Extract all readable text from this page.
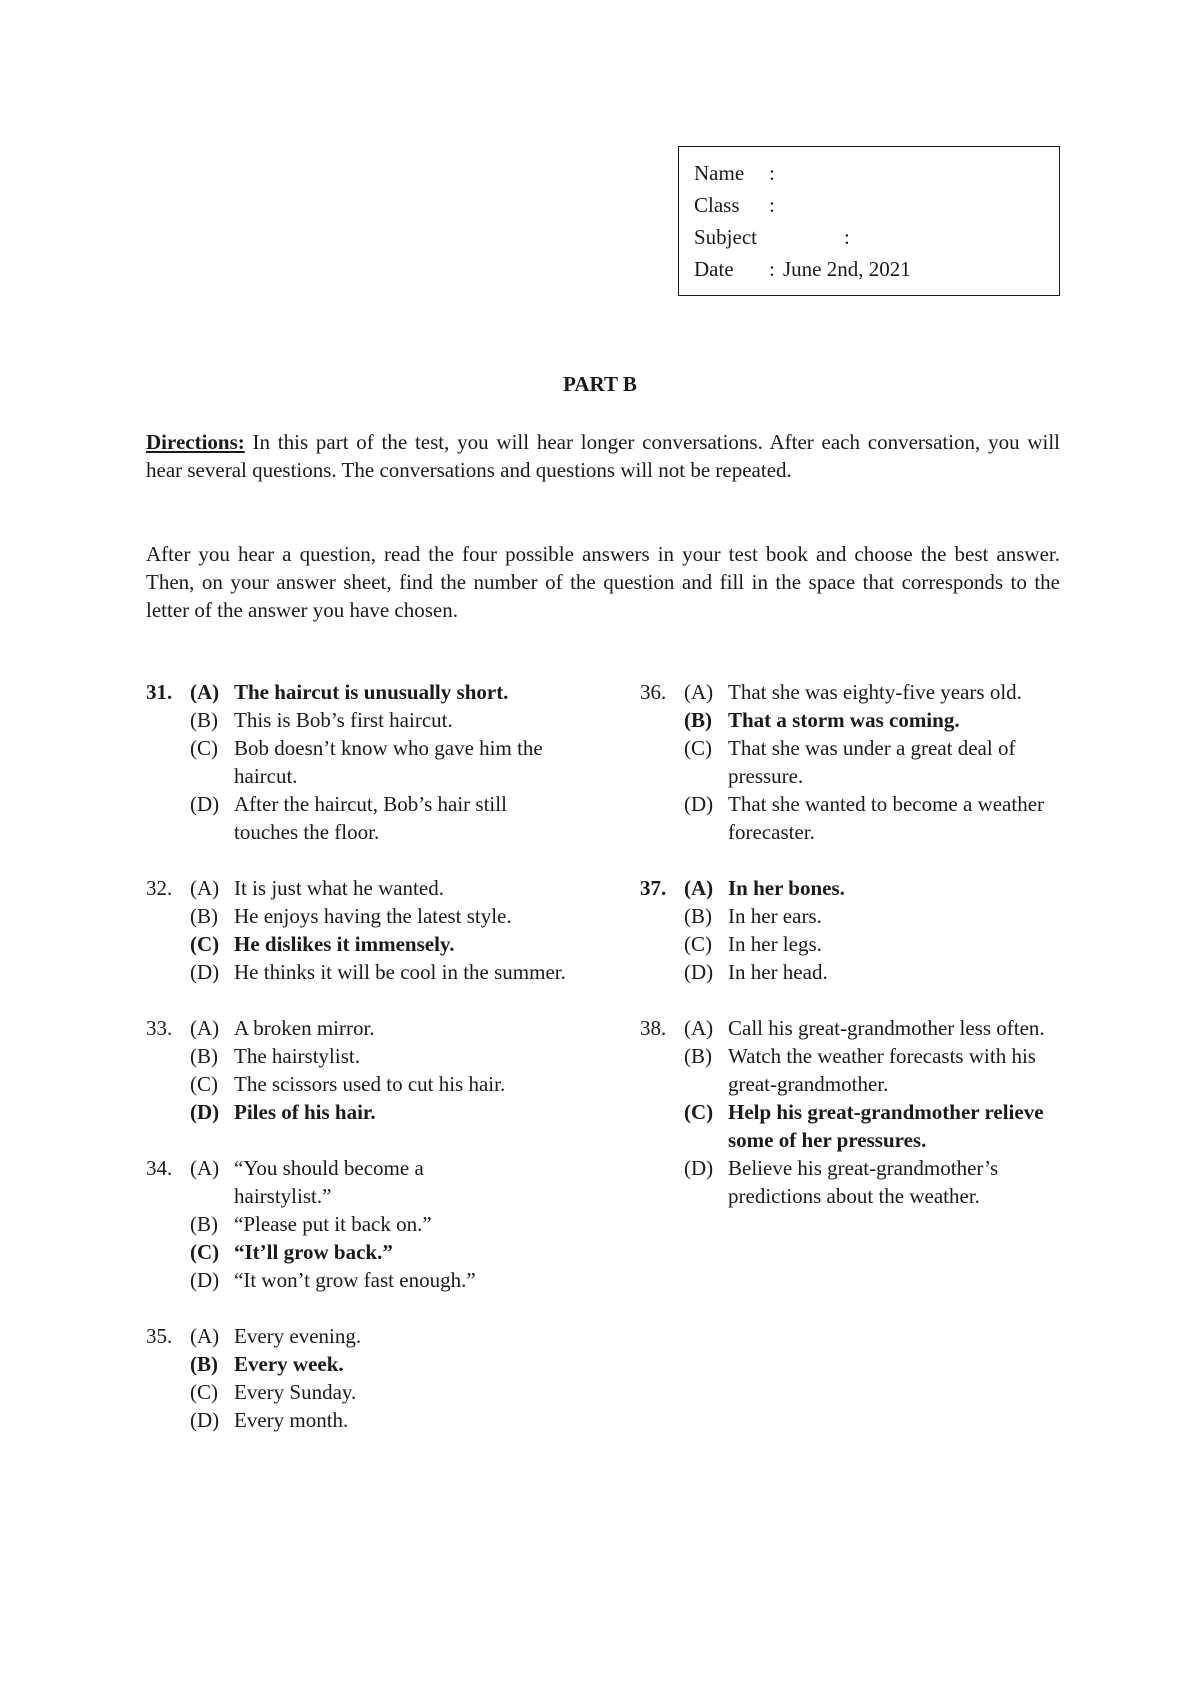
Name :
Class :
Subject	:
Date : June 2nd, 2021
PART B

Directions: In this part of the test, you will hear longer conversations. After each conversation, you will hear several questions. The conversations and questions will not be repeated.

After you hear a question, read the four possible answers in your test book and choose the best answer. Then, on your answer sheet, find the number of the question and fill in the space that corresponds to the letter of the answer you have chosen.

31. (A) The haircut is unusually short.
(B) This is Bob’s first haircut.
(C) Bob doesn’t know who gave him the haircut.
(D) After the haircut, Bob’s hair still touches the floor.
32. (A) It is just what he wanted.
(B) He enjoys having the latest style.
(C) He dislikes it immensely.
(D) He thinks it will be cool in the summer.
33. (A) A broken mirror.
(B) The hairstylist.
(C) The scissors used to cut his hair.
(D) Piles of his hair.
34. (A) “You should become a hairstylist.”
(B) “Please put it back on.”
(C) “It’ll grow back.”
(D) “It won’t grow fast enough.”
35. (A) Every evening.
(B) Every week.
(C) Every Sunday.
(D) Every month.
36. (A) That she was eighty-five years old.
(B) That a storm was coming.
(C) That she was under a great deal of pressure.
(D) That she wanted to become a weather forecaster.
37. (A) In her bones.
(B) In her ears.
(C) In her legs.
(D) In her head.
38. (A) Call his great-grandmother less often.
(B) Watch the weather forecasts with his great-grandmother.
(C) Help his great-grandmother relieve some of her pressures.
(D) Believe his great-grandmother’s predictions about the weather.
